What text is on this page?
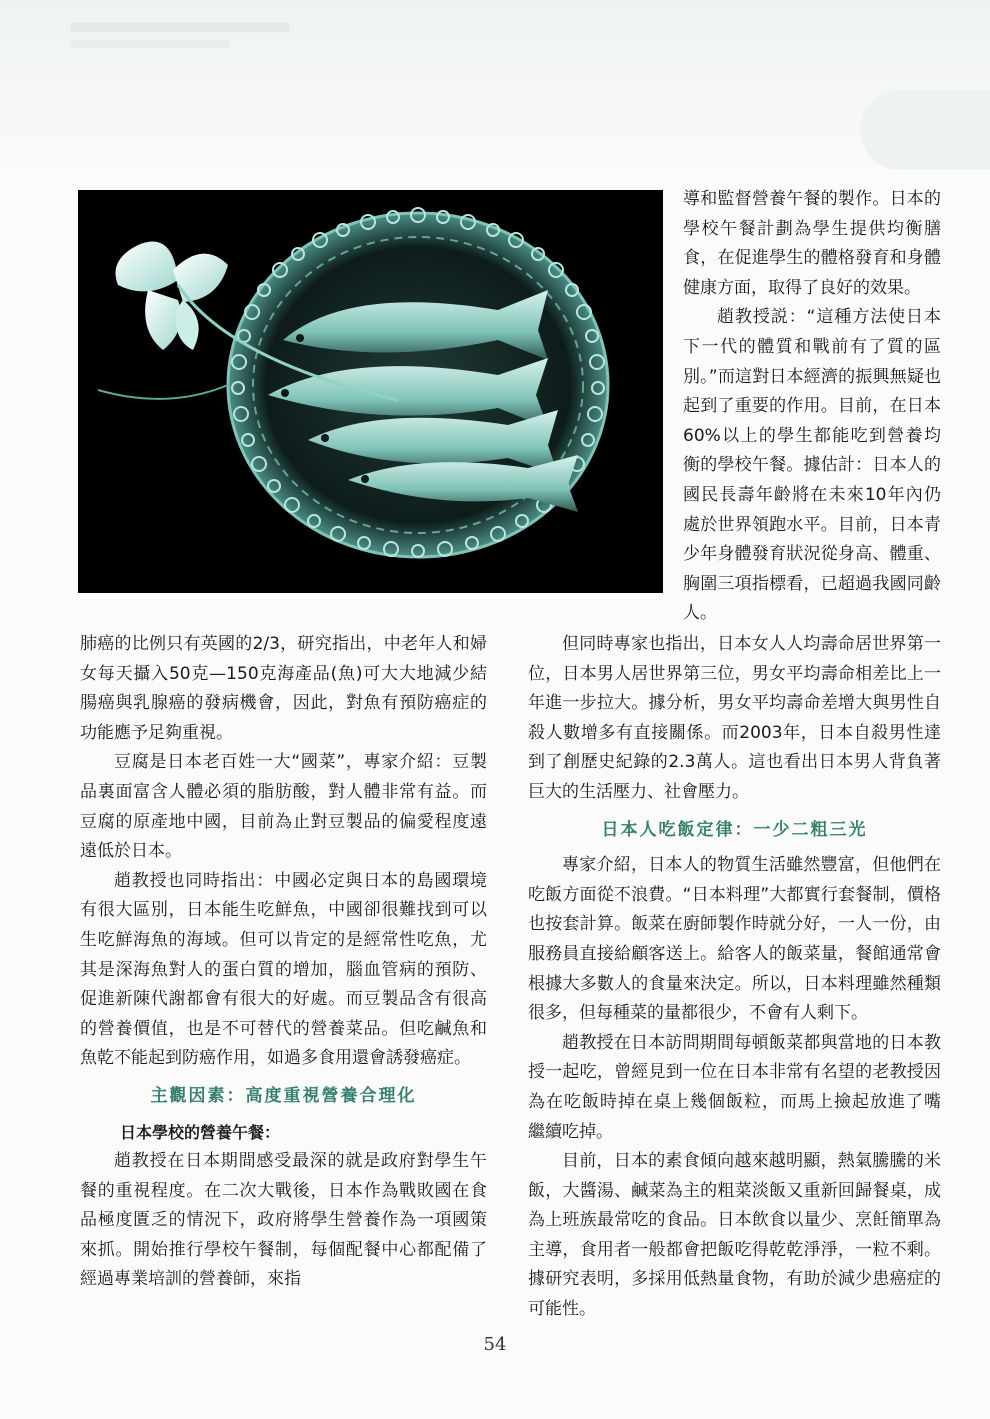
導和監督營養午餐的製作。日本的學校午餐計劃為學生提供均衡膳食，在促進學生的體格發育和身體健康方面，取得了良好的效果。

趙教授説：“這種方法使日本下一代的體質和戰前有了質的區別。”而這對日本經濟的振興無疑也起到了重要的作用。目前，在日本60%以上的學生都能吃到營養均衡的學校午餐。據估計：日本人的國民長壽年齡將在未來10年內仍處於世界領跑水平。目前，日本青少年身體發育狀況從身高、體重、胸圍三項指標看，已超過我國同齡人。

肺癌的比例只有英國的2/3，研究指出，中老年人和婦女每天攝入50克—150克海產品(魚)可大大地減少結腸癌與乳腺癌的發病機會，因此，對魚有預防癌症的功能應予足夠重視。

豆腐是日本老百姓一大“國菜”，專家介紹：豆製品裏面富含人體必須的脂肪酸，對人體非常有益。而豆腐的原產地中國，目前為止對豆製品的偏愛程度遠遠低於日本。

趙教授也同時指出：中國必定與日本的島國環境有很大區別，日本能生吃鮮魚，中國卻很難找到可以生吃鮮海魚的海域。但可以肯定的是經常性吃魚，尤其是深海魚對人的蛋白質的增加，腦血管病的預防、促進新陳代謝都會有很大的好處。而豆製品含有很高的營養價值，也是不可替代的營養菜品。但吃鹹魚和魚乾不能起到防癌作用，如過多食用還會誘發癌症。

主觀因素：高度重視營養合理化
日本學校的營養午餐：

趙教授在日本期間感受最深的就是政府對學生午餐的重視程度。在二次大戰後，日本作為戰敗國在食品極度匱乏的情況下，政府將學生營養作為一項國策來抓。開始推行學校午餐制，每個配餐中心都配備了經過專業培訓的營養師，來指

但同時專家也指出，日本女人人均壽命居世界第一位，日本男人居世界第三位，男女平均壽命相差比上一年進一步拉大。據分析，男女平均壽命差增大與男性自殺人數增多有直接關係。而2003年，日本自殺男性達到了創歷史紀錄的2.3萬人。這也看出日本男人背負著巨大的生活壓力、社會壓力。

日本人吃飯定律：一少二粗三光

專家介紹，日本人的物質生活雖然豐富，但他們在吃飯方面從不浪費。“日本料理”大都實行套餐制，價格也按套計算。飯菜在廚師製作時就分好，一人一份，由服務員直接給顧客送上。給客人的飯菜量，餐館通常會根據大多數人的食量來決定。所以，日本料理雖然種類很多，但每種菜的量都很少，不會有人剩下。

趙教授在日本訪問期間每頓飯菜都與當地的日本教授一起吃，曾經見到一位在日本非常有名望的老教授因為在吃飯時掉在桌上幾個飯粒，而馬上撿起放進了嘴　繼續吃掉。

目前，日本的素食傾向越來越明顯，熱氣騰騰的米飯，大醬湯、鹹菜為主的粗菜淡飯又重新回歸餐桌，成為上班族最常吃的食品。日本飲食以量少、烹飪簡單為主導，食用者一般都會把飯吃得乾乾淨淨，一粒不剩。據研究表明，多採用低熱量食物，有助於減少患癌症的可能性。

54
